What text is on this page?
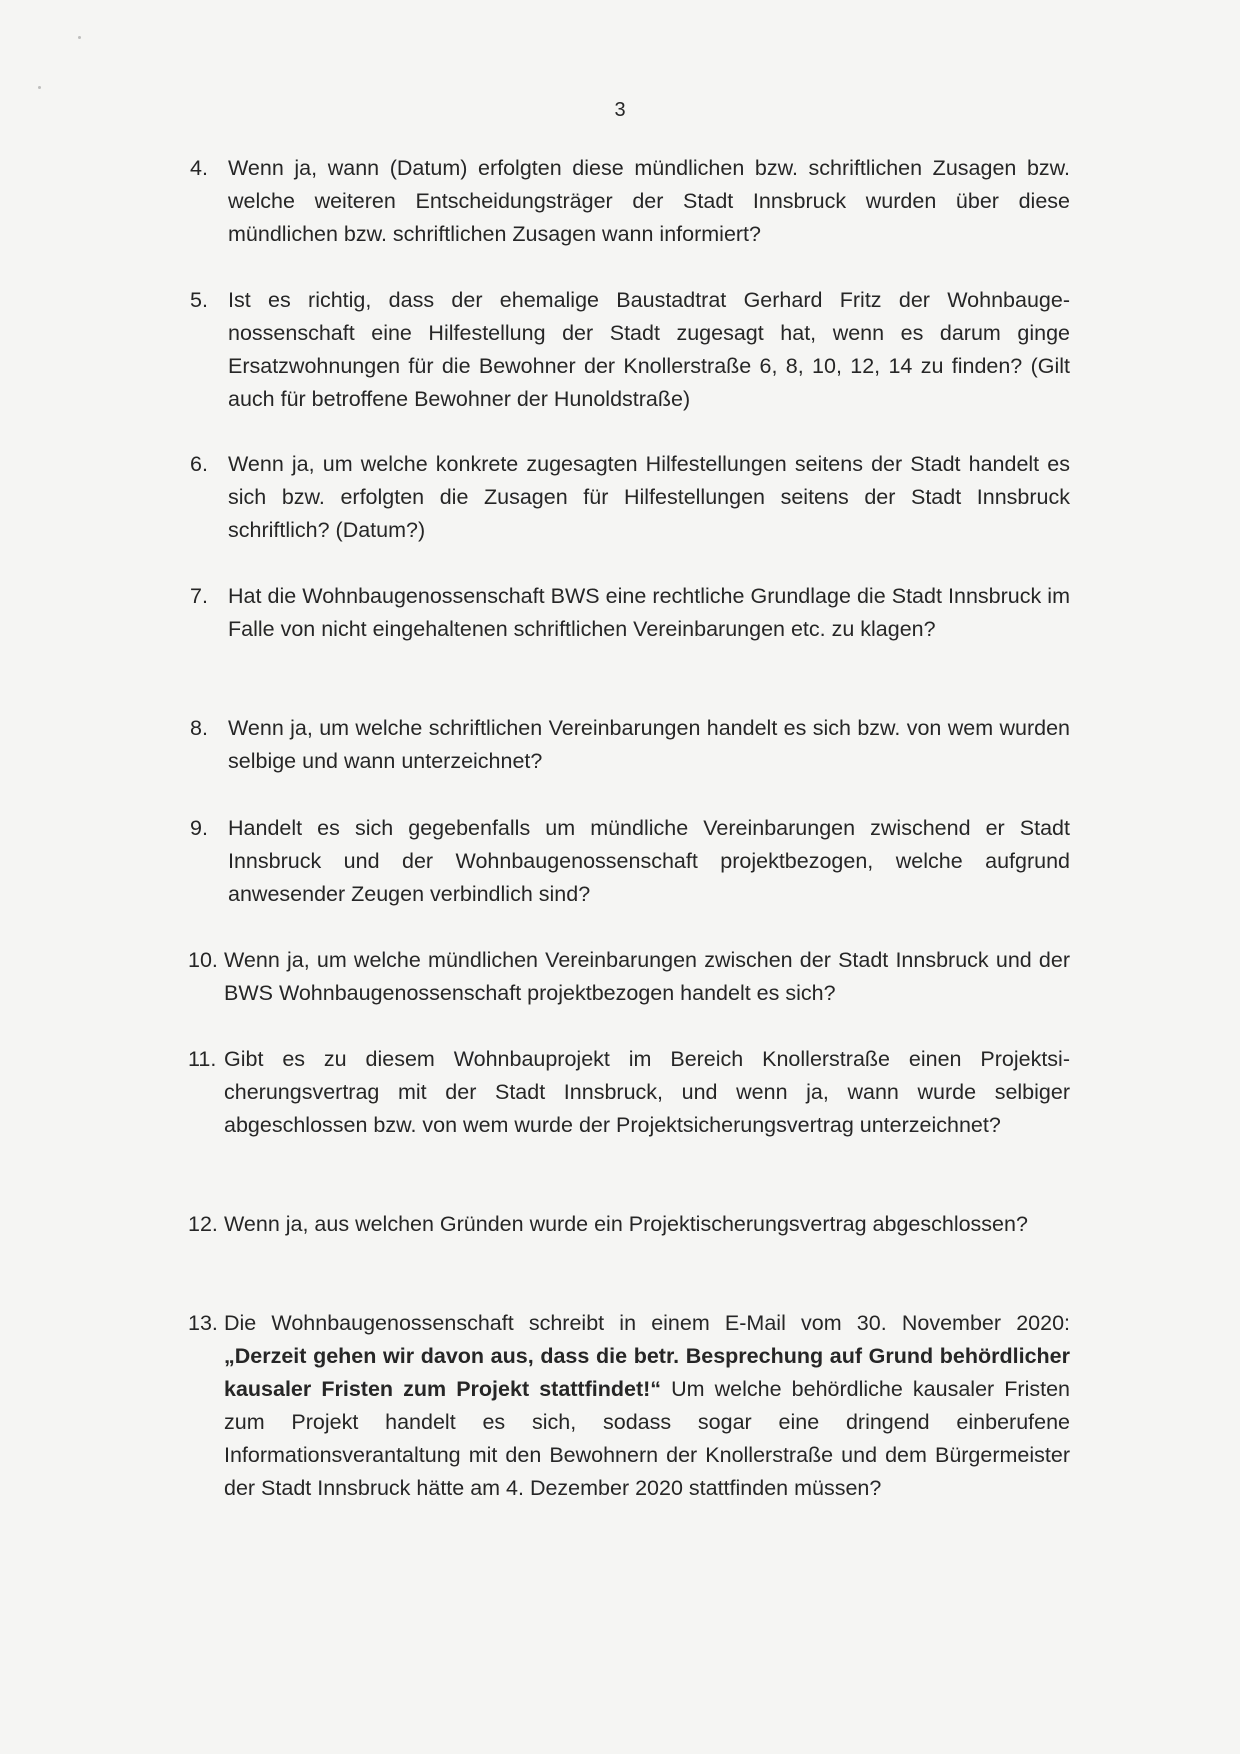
3
4. Wenn ja, wann (Datum) erfolgten diese mündlichen bzw. schriftlichen Zusagen bzw. welche weiteren Entscheidungsträger der Stadt Innsbruck wurden über diese mündlichen bzw. schriftlichen Zusagen wann informiert?
5. Ist es richtig, dass der ehemalige Baustadtrat Gerhard Fritz der Wohnbaugenossenschaft eine Hilfestellung der Stadt zugesagt hat, wenn es darum ginge Ersatzwohnungen für die Bewohner der Knollerstraße 6, 8, 10, 12, 14 zu finden? (Gilt auch für betroffene Bewohner der Hunoldstraße)
6. Wenn ja, um welche konkrete zugesagten Hilfestellungen seitens der Stadt handelt es sich bzw. erfolgten die Zusagen für Hilfestellungen seitens der Stadt Innsbruck schriftlich? (Datum?)
7. Hat die Wohnbaugenossenschaft BWS eine rechtliche Grundlage die Stadt Innsbruck im Falle von nicht eingehaltenen schriftlichen Vereinbarungen etc. zu klagen?
8. Wenn ja, um welche schriftlichen Vereinbarungen handelt es sich bzw. von wem wurden selbige und wann unterzeichnet?
9. Handelt es sich gegebenfalls um mündliche Vereinbarungen zwischend er Stadt Innsbruck und der Wohnbaugenossenschaft projektbezogen, welche aufgrund anwesender Zeugen verbindlich sind?
10. Wenn ja, um welche mündlichen Vereinbarungen zwischen der Stadt Innsbruck und der BWS Wohnbaugenossenschaft projektbezogen handelt es sich?
11. Gibt es zu diesem Wohnbauprojekt im Bereich Knollerstraße einen Projektsicherungsvertrag mit der Stadt Innsbruck, und wenn ja, wann wurde selbiger abgeschlossen bzw. von wem wurde der Projektsicherungsvertrag unterzeichnet?
12. Wenn ja, aus welchen Gründen wurde ein Projektischerungsvertrag abgeschlossen?
13. Die Wohnbaugenossenschaft schreibt in einem E-Mail vom 30. November 2020: „Derzeit gehen wir davon aus, dass die betr. Besprechung auf Grund behördlicher kausaler Fristen zum Projekt stattfindet!“ Um welche behördliche kausaler Fristen zum Projekt handelt es sich, sodass sogar eine dringend einberufene Informationsverantaltung mit den Bewohnern der Knollerstraße und dem Bürgermeister der Stadt Innsbruck hätte am 4. Dezember 2020 stattfinden müssen?
